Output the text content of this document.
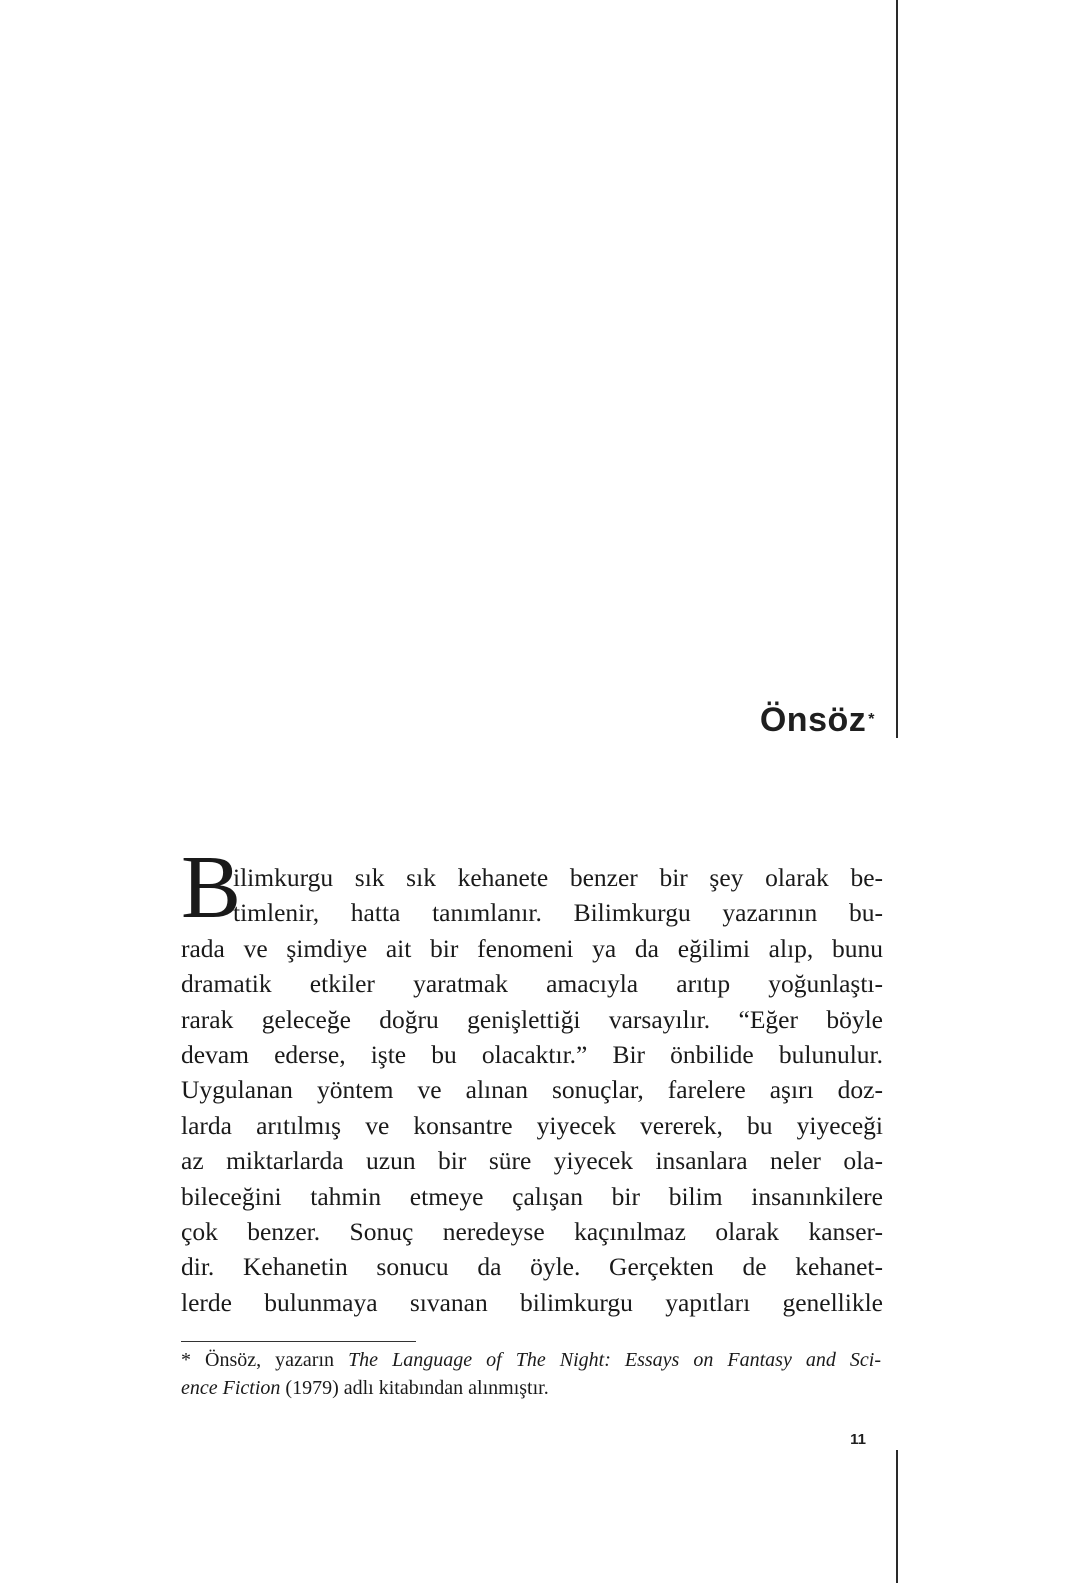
Önsöz *
B
ilimkurgu sık sık kehanete benzer bir şey olarak be-
timlenir, hatta tanımlanır. Bilimkurgu yazarının bu-
rada ve şimdiye ait bir fenomeni ya da eğilimi alıp, bunu
dramatik etkiler yaratmak amacıyla arıtıp yoğunlaştı-
rarak geleceğe doğru genişlettiği varsayılır. “Eğer böyle
devam ederse, işte bu olacaktır.” Bir önbilide bulunulur.
Uygulanan yöntem ve alınan sonuçlar, farelere aşırı doz-
larda arıtılmış ve konsantre yiyecek vererek, bu yiyeceği
az miktarlarda uzun bir süre yiyecek insanlara neler ola-
bileceğini tahmin etmeye çalışan bir bilim insanınkilere
çok benzer. Sonuç neredeyse kaçınılmaz olarak kanser-
dir. Kehanetin sonucu da öyle. Gerçekten de kehanet-
lerde bulunmaya sıvanan bilimkurgu yapıtları genellikle
* Önsöz, yazarın The Language of The Night: Essays on Fantasy and Sci-
ence Fiction (1979) adlı kitabından alınmıştır.
11
